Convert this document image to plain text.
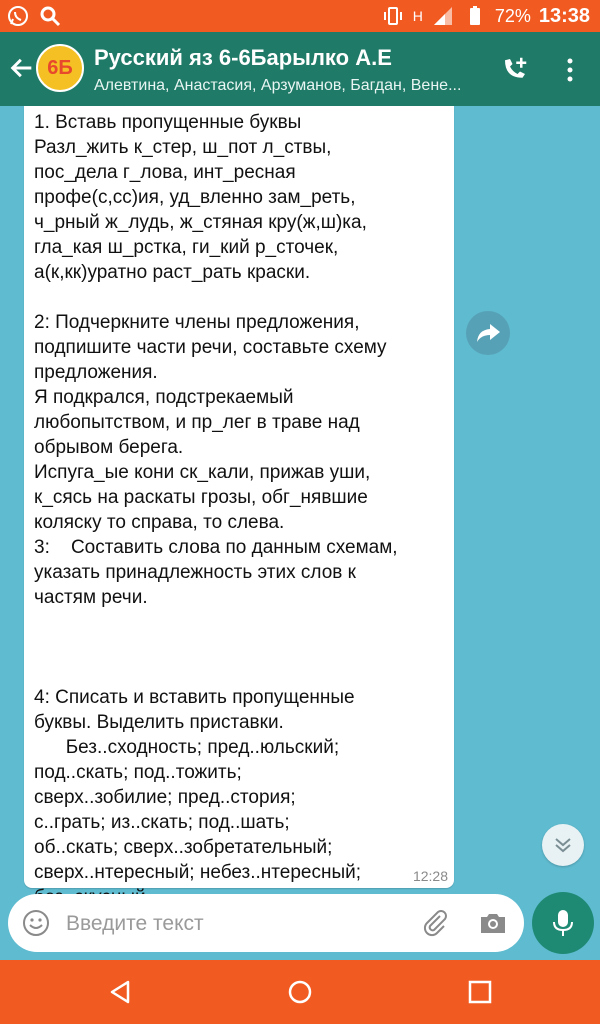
H	72% 13:38
6Б Русский яз 6-6Барылко А.Е
Алевтина, Анастасия, Арзуманов, Багдан, Вене...
1. Вставь пропущенные буквы
Разл_жить к_стер, ш_пот л_ствы,
пос_дела г_лова, инт_ресная
профе(с,сс)ия, уд_вленно зам_реть,
ч_рный ж_лудь, ж_стяная кру(ж,ш)ка,
гла_кая ш_рстка, ги_кий р_сточек,
а(к,кк)уратно раст_рать краски.

2: Подчеркните члены предложения,
подпишите части речи, составьте схему
предложения.
Я подкрался, подстрекаемый
любопытством, и пр_лег в траве над
обрывом берега.
Испуга_ые кони ск_кали, прижав уши,
к_сясь на раскаты грозы, обг_нявшие
коляску то справа, то слева.
3:    Составить слова по данным схемам,
указать принадлежность этих слов к
частям речи.

4: Списать и вставить пропущенные
буквы. Выделить приставки.
Без..сходность; пред..юльский;
под..скать; под..тожить;
сверх..зобилие; пред..стория;
с..грать; из..скать; под..шать;
об..скать; сверх..зобретательный;
сверх..нтересный; небез..нтересный;	12:28
Введите текст
